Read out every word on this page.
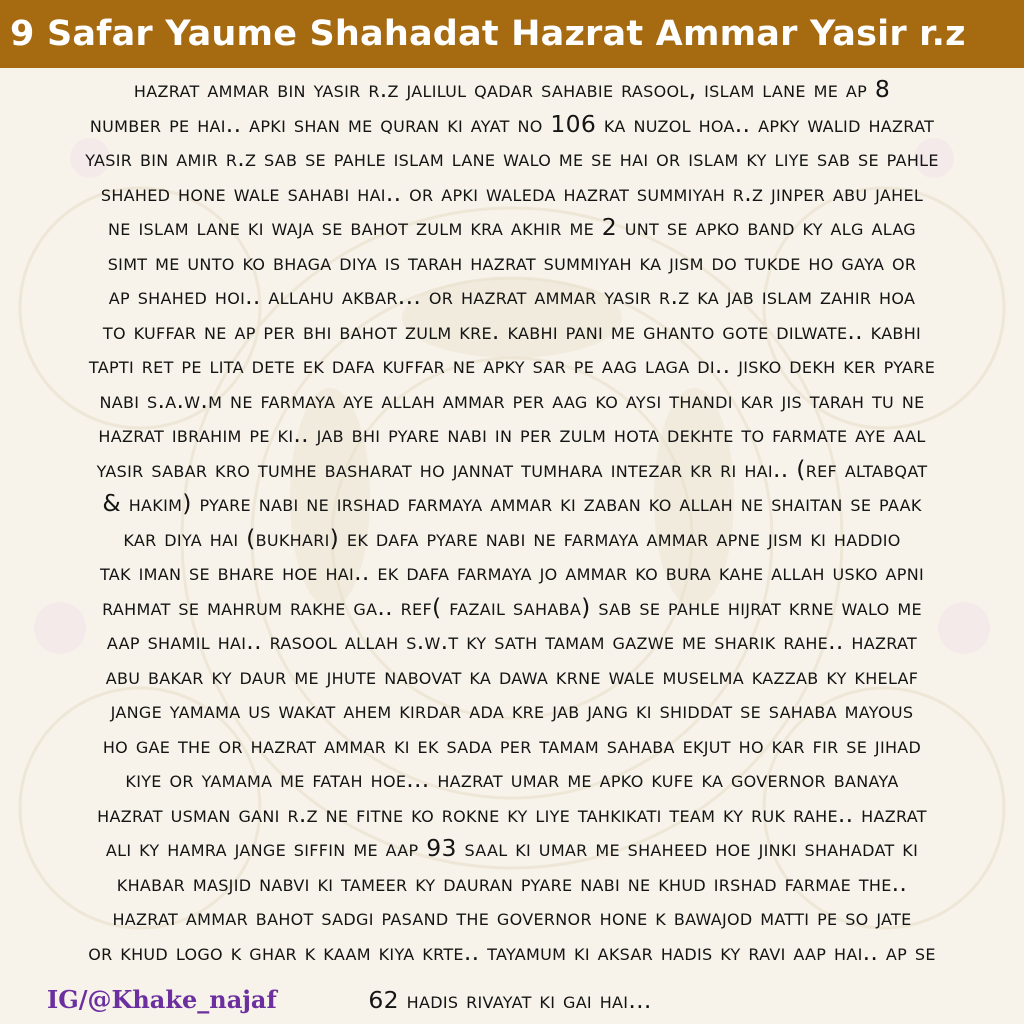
9 Safar Yaume Shahadat Hazrat Ammar Yasir r.z
hazrat ammar bin yasir r.z jalilul qadar sahabie rasool, islam lane me ap 8
number pe hai.. apki shan me quran ki ayat no 106 ka nuzol hoa.. apky walid hazrat
yasir bin amir r.z sab se pahle islam lane walo me se hai or islam ky liye sab se pahle
shahed hone wale sahabi hai.. or apki waleda hazrat summiyah r.z jinper abu jahel
ne islam lane ki waja se bahot zulm kra akhir me 2 unt se apko band ky alg alag
simt me unto ko bhaga diya is tarah hazrat summiyah ka jism do tukde ho gaya or
ap shahed hoi.. allahu akbar... or hazrat ammar yasir r.z ka jab islam zahir hoa
to kuffar ne ap per bhi bahot zulm kre. kabhi pani me ghanto gote dilwate.. kabhi
tapti ret pe lita dete ek dafa kuffar ne apky sar pe aag laga di.. jisko dekh ker pyare
nabi s.a.w.m ne farmaya aye allah ammar per aag ko aysi thandi kar jis tarah tu ne
hazrat ibrahim pe ki.. jab bhi pyare nabi in per zulm hota dekhte to farmate aye aal
yasir sabar kro tumhe basharat ho jannat tumhara intezar kr ri hai.. (ref altabqat
& hakim) pyare nabi ne irshad farmaya ammar ki zaban ko allah ne shaitan se paak
kar diya hai (bukhari) ek dafa pyare nabi ne farmaya ammar apne jism ki haddio
tak iman se bhare hoe hai.. ek dafa farmaya jo ammar ko bura kahe allah usko apni
rahmat se mahrum rakhe ga.. ref( fazail sahaba) sab se pahle hijrat krne walo me
aap shamil hai.. rasool allah s.w.t ky sath tamam gazwe me sharik rahe.. hazrat
abu bakar ky daur me jhute nabovat ka dawa krne wale muselma kazzab ky khelaf
jange yamama us wakat ahem kirdar ada kre jab jang ki shiddat se sahaba mayous
ho gae the or hazrat ammar ki ek sada per tamam sahaba ekjut ho kar fir se jihad
kiye or yamama me fatah hoe... hazrat umar me apko kufe ka governor banaya
hazrat usman gani r.z ne fitne ko rokne ky liye tahkikati team ky ruk rahe.. hazrat
ali ky hamra jange siffin me aap 93 saal ki umar me shaheed hoe jinki shahadat ki
khabar masjid nabvi ki tameer ky dauran pyare nabi ne khud irshad farmae the..
hazrat ammar bahot sadgi pasand the governor hone k bawajod matti pe so jate
or khud logo k ghar k kaam kiya krte.. tayamum ki aksar hadis ky ravi aap hai.. ap se
IG/@Khake_najaf	62 hadis rivayat ki gai hai...
